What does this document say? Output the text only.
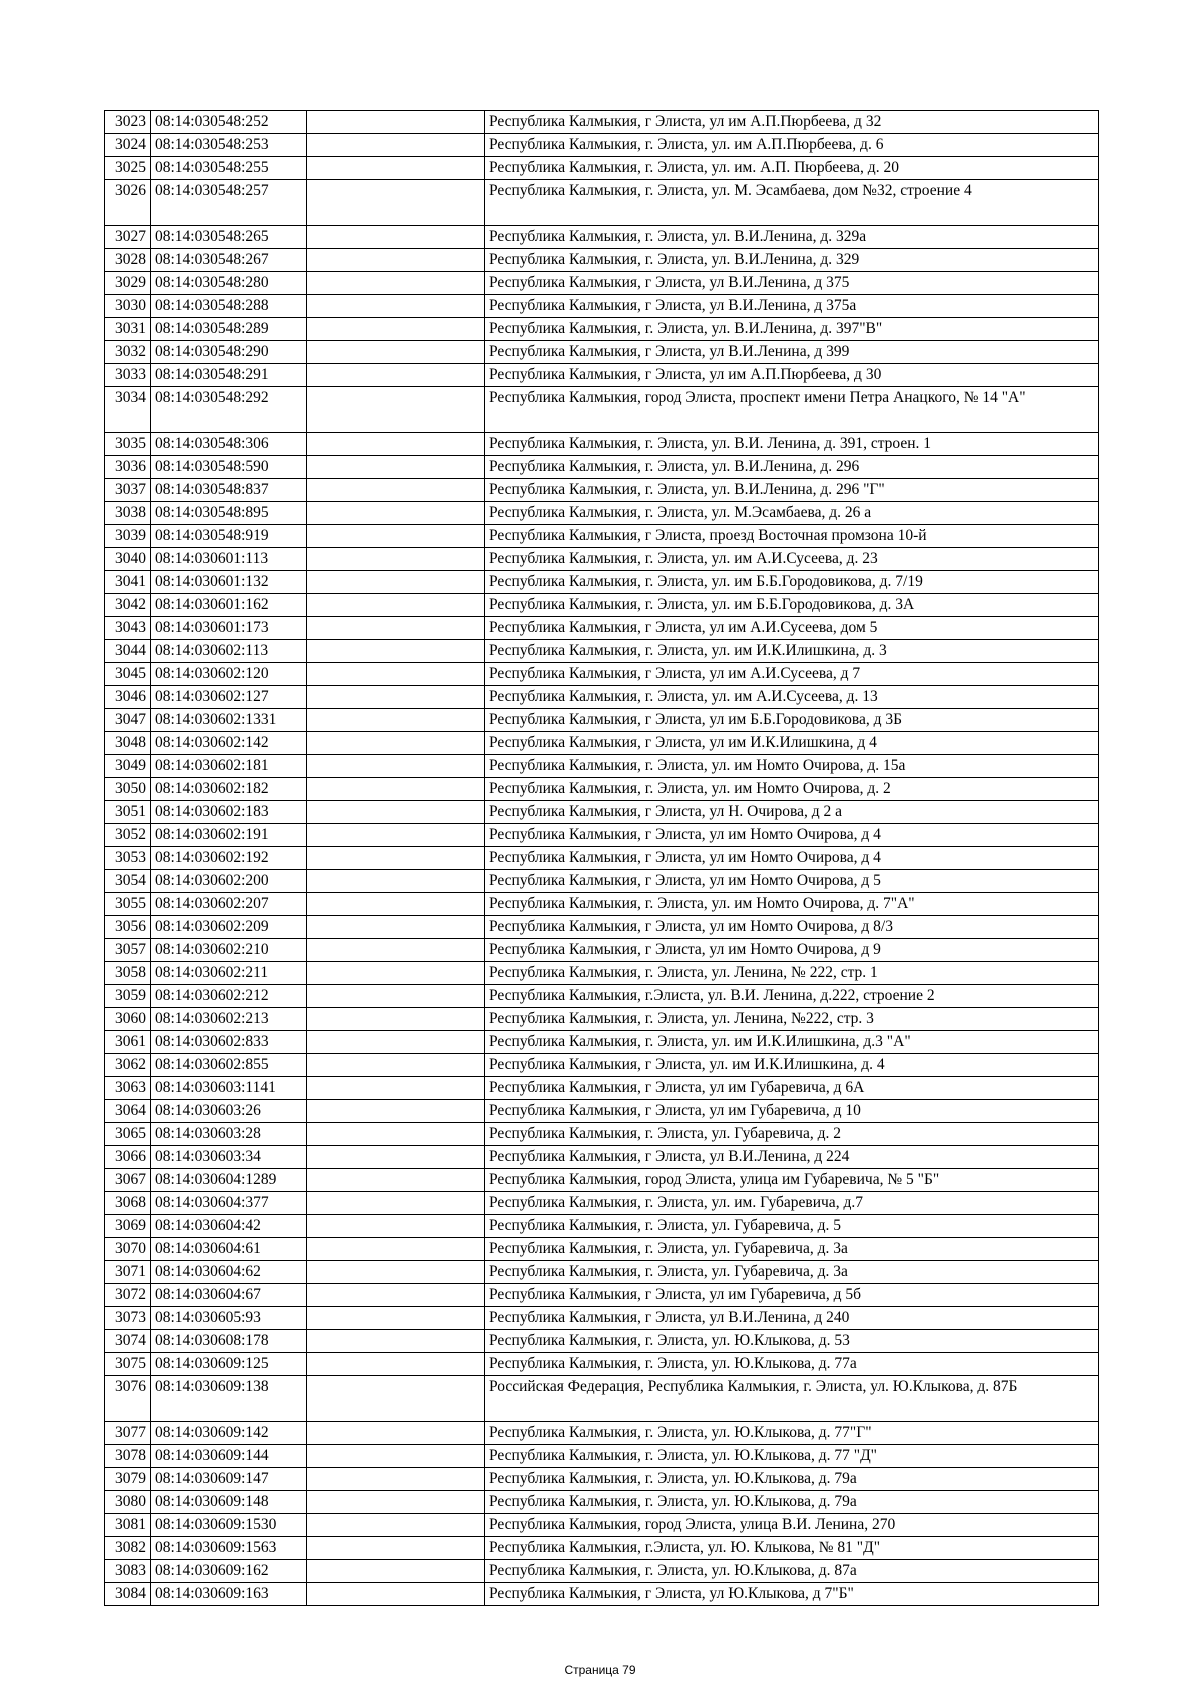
3023	08:14:030548:252		Республика Калмыкия, г Элиста, ул им А.П.Пюрбеева, д 32
3024	08:14:030548:253		Республика Калмыкия, г. Элиста, ул. им А.П.Пюрбеева, д. 6
3025	08:14:030548:255		Республика Калмыкия, г. Элиста, ул. им. А.П. Пюрбеева, д. 20
3026	08:14:030548:257		Республика Калмыкия, г. Элиста, ул. М. Эсамбаева, дом №32, строение 4
3027	08:14:030548:265		Республика Калмыкия, г. Элиста, ул. В.И.Ленина, д. 329а
3028	08:14:030548:267		Республика Калмыкия, г. Элиста, ул. В.И.Ленина, д. 329
3029	08:14:030548:280		Республика Калмыкия, г Элиста, ул В.И.Ленина, д 375
3030	08:14:030548:288		Республика Калмыкия, г Элиста, ул В.И.Ленина, д 375а
3031	08:14:030548:289		Республика Калмыкия, г. Элиста, ул. В.И.Ленина, д. 397"В"
3032	08:14:030548:290		Республика Калмыкия, г Элиста, ул В.И.Ленина, д 399
3033	08:14:030548:291		Республика Калмыкия, г Элиста, ул им А.П.Пюрбеева, д 30
3034	08:14:030548:292		Республика Калмыкия, город Элиста, проспект имени Петра Анацкого, № 14 "А"
3035	08:14:030548:306		Республика Калмыкия, г. Элиста, ул. В.И. Ленина, д. 391, строен. 1
3036	08:14:030548:590		Республика Калмыкия, г. Элиста, ул. В.И.Ленина, д. 296
3037	08:14:030548:837		Республика Калмыкия, г. Элиста, ул. В.И.Ленина, д. 296 "Г"
3038	08:14:030548:895		Республика Калмыкия, г. Элиста, ул. М.Эсамбаева, д. 26 а
3039	08:14:030548:919		Республика Калмыкия, г Элиста, проезд Восточная промзона 10-й
3040	08:14:030601:113		Республика Калмыкия, г. Элиста, ул. им А.И.Сусеева, д. 23
3041	08:14:030601:132		Республика Калмыкия, г. Элиста, ул. им Б.Б.Городовикова, д. 7/19
3042	08:14:030601:162		Республика Калмыкия, г. Элиста, ул. им Б.Б.Городовикова, д. 3А
3043	08:14:030601:173		Республика Калмыкия, г Элиста, ул им А.И.Сусеева, дом 5
3044	08:14:030602:113		Республика Калмыкия, г. Элиста, ул. им И.К.Илишкина, д. 3
3045	08:14:030602:120		Республика Калмыкия, г Элиста, ул им А.И.Сусеева, д 7
3046	08:14:030602:127		Республика Калмыкия, г. Элиста, ул. им А.И.Сусеева, д. 13
3047	08:14:030602:1331		Республика Калмыкия, г Элиста, ул им Б.Б.Городовикова, д 3Б
3048	08:14:030602:142		Республика Калмыкия, г Элиста, ул им И.К.Илишкина, д 4
3049	08:14:030602:181		Республика Калмыкия, г. Элиста, ул. им Номто Очирова, д. 15а
3050	08:14:030602:182		Республика Калмыкия, г. Элиста, ул. им Номто Очирова, д. 2
3051	08:14:030602:183		Республика Калмыкия, г Элиста, ул Н. Очирова, д 2 а
3052	08:14:030602:191		Республика Калмыкия, г Элиста, ул им Номто Очирова, д 4
3053	08:14:030602:192		Республика Калмыкия, г Элиста, ул им Номто Очирова, д 4
3054	08:14:030602:200		Республика Калмыкия, г Элиста, ул им Номто Очирова, д 5
3055	08:14:030602:207		Республика Калмыкия, г. Элиста, ул. им Номто Очирова, д. 7"А"
3056	08:14:030602:209		Республика Калмыкия, г Элиста, ул им Номто Очирова, д 8/3
3057	08:14:030602:210		Республика Калмыкия, г Элиста, ул им Номто Очирова, д 9
3058	08:14:030602:211		Республика Калмыкия, г. Элиста, ул. Ленина, № 222, стр. 1
3059	08:14:030602:212		Республика Калмыкия, г.Элиста, ул. В.И. Ленина, д.222, строение 2
3060	08:14:030602:213		Республика Калмыкия, г. Элиста, ул. Ленина, №222, стр. 3
3061	08:14:030602:833		Республика Калмыкия, г. Элиста, ул. им И.К.Илишкина, д.3 "А"
3062	08:14:030602:855		Республика Калмыкия, г Элиста, ул. им И.К.Илишкина, д. 4
3063	08:14:030603:1141		Республика Калмыкия, г Элиста, ул им Губаревича, д 6А
3064	08:14:030603:26		Республика Калмыкия, г Элиста, ул им Губаревича, д 10
3065	08:14:030603:28		Республика Калмыкия, г. Элиста, ул. Губаревича, д. 2
3066	08:14:030603:34		Республика Калмыкия, г Элиста, ул В.И.Ленина, д 224
3067	08:14:030604:1289		Республика Калмыкия, город Элиста, улица им Губаревича, № 5 "Б"
3068	08:14:030604:377		Республика Калмыкия, г. Элиста, ул. им. Губаревича, д.7
3069	08:14:030604:42		Республика Калмыкия, г. Элиста, ул. Губаревича, д. 5
3070	08:14:030604:61		Республика Калмыкия, г. Элиста, ул. Губаревича, д. 3а
3071	08:14:030604:62		Республика Калмыкия, г. Элиста, ул. Губаревича, д. 3а
3072	08:14:030604:67		Республика Калмыкия, г Элиста, ул им Губаревича, д 5б
3073	08:14:030605:93		Республика Калмыкия, г Элиста, ул В.И.Ленина, д 240
3074	08:14:030608:178		Республика Калмыкия, г. Элиста, ул. Ю.Клыкова, д. 53
3075	08:14:030609:125		Республика Калмыкия, г. Элиста, ул. Ю.Клыкова, д. 77а
3076	08:14:030609:138		Российская Федерация, Республика Калмыкия, г. Элиста, ул. Ю.Клыкова, д. 87Б
3077	08:14:030609:142		Республика Калмыкия, г. Элиста, ул. Ю.Клыкова, д. 77"Г"
3078	08:14:030609:144		Республика Калмыкия, г. Элиста, ул. Ю.Клыкова, д. 77 "Д"
3079	08:14:030609:147		Республика Калмыкия, г. Элиста, ул. Ю.Клыкова, д. 79а
3080	08:14:030609:148		Республика Калмыкия, г. Элиста, ул. Ю.Клыкова, д. 79а
3081	08:14:030609:1530		Республика Калмыкия, город Элиста, улица В.И. Ленина, 270
3082	08:14:030609:1563		Республика Калмыкия, г.Элиста, ул. Ю. Клыкова, № 81 "Д"
3083	08:14:030609:162		Республика Калмыкия, г. Элиста, ул. Ю.Клыкова, д. 87а
3084	08:14:030609:163		Республика Калмыкия, г Элиста, ул Ю.Клыкова, д 7"Б"
Страница 79
